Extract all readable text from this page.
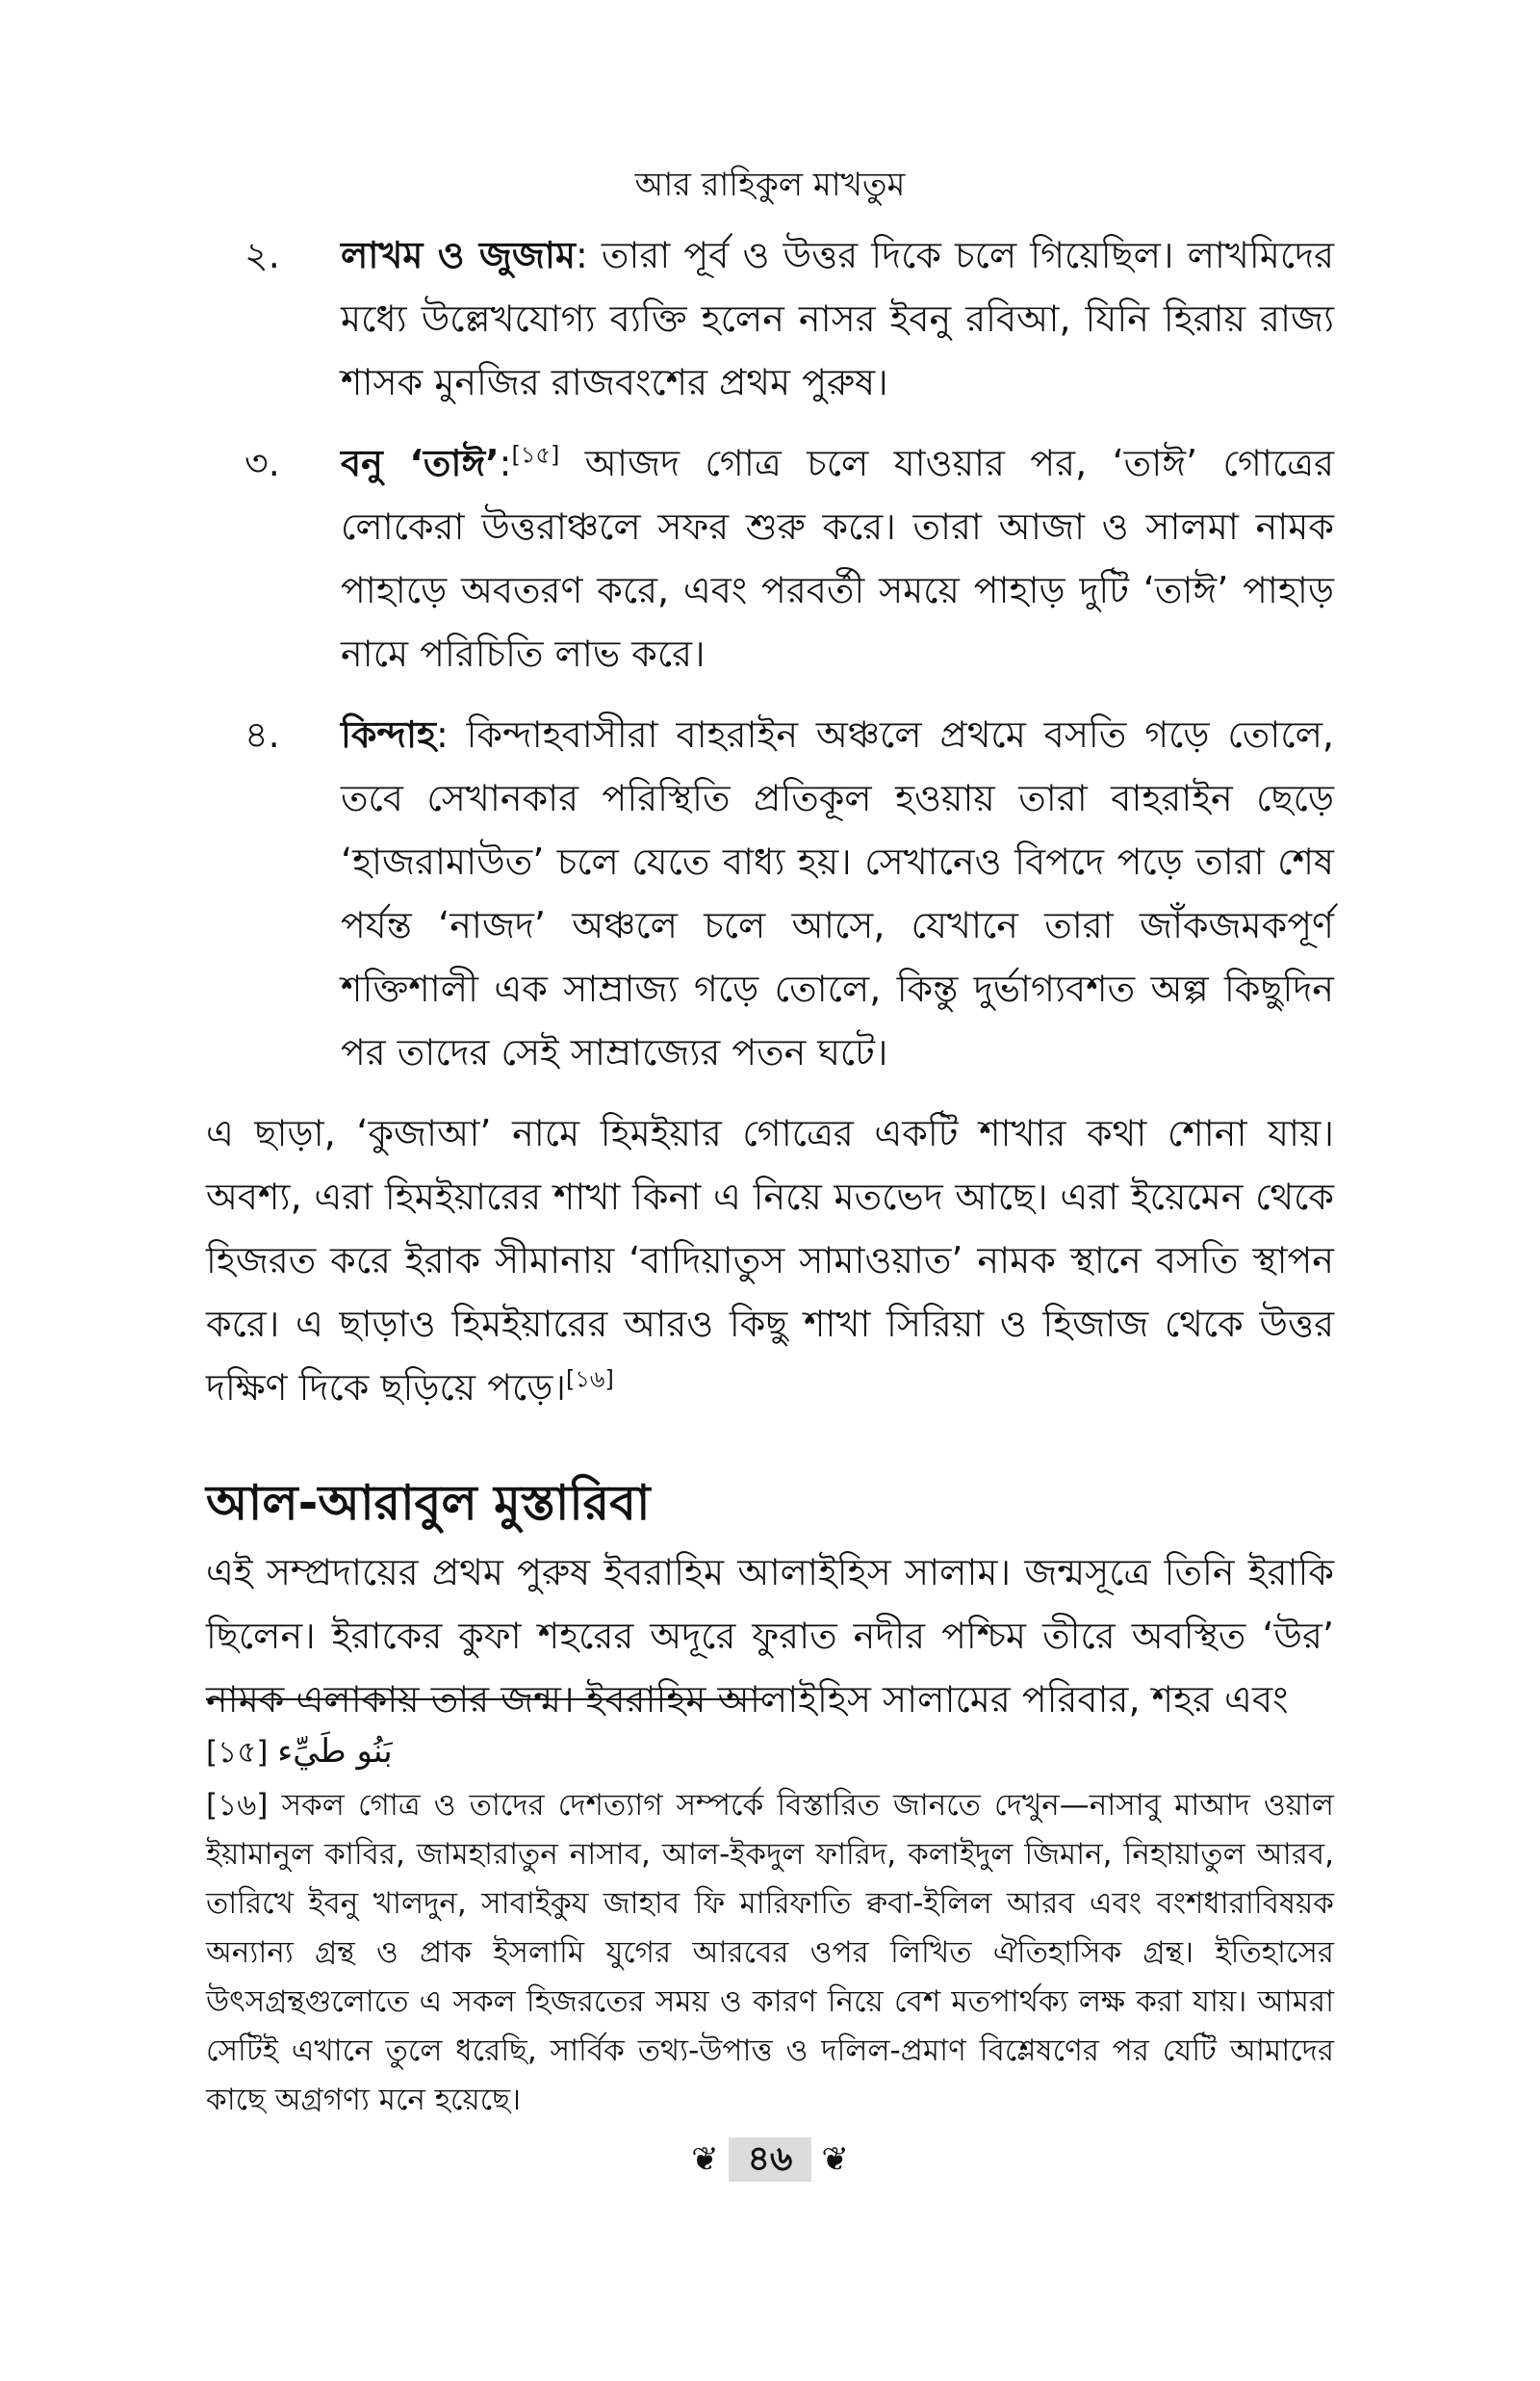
আর রাহিকুল মাখতুম
২. লাখম ও জুজাম: তারা পূর্ব ও উত্তর দিকে চলে গিয়েছিল। লাখমিদের মধ্যে উল্লেখযোগ্য ব্যক্তি হলেন নাসর ইবনু রবিআ, যিনি হিরায় রাজ্য শাসক মুনজির রাজবংশের প্রথম পুরুষ।
৩. বনু ‘তাঈ’:[১৫] আজদ গোত্র চলে যাওয়ার পর, ‘তাঈ’ গোত্রের লোকেরা উত্তরাঞ্চলে সফর শুরু করে। তারা আজা ও সালমা নামক পাহাড়ে অবতরণ করে, এবং পরবর্তী সময়ে পাহাড় দুটি ‘তাঈ’ পাহাড় নামে পরিচিতি লাভ করে।
৪. কিন্দাহ: কিন্দাহবাসীরা বাহরাইন অঞ্চলে প্রথমে বসতি গড়ে তোলে, তবে সেখানকার পরিস্থিতি প্রতিকূল হওয়ায় তারা বাহরাইন ছেড়ে ‘হাজরামাউত’ চলে যেতে বাধ্য হয়। সেখানেও বিপদে পড়ে তারা শেষ পর্যন্ত ‘নাজদ’ অঞ্চলে চলে আসে, যেখানে তারা জাঁকজমকপূর্ণ শক্তিশালী এক সাম্রাজ্য গড়ে তোলে, কিন্তু দুর্ভাগ্যবশত অল্প কিছুদিন পর তাদের সেই সাম্রাজ্যের পতন ঘটে।

এ ছাড়া, ‘কুজাআ’ নামে হিমইয়ার গোত্রের একটি শাখার কথা শোনা যায়। অবশ্য, এরা হিমইয়ারের শাখা কিনা এ নিয়ে মতভেদ আছে। এরা ইয়েমেন থেকে হিজরত করে ইরাক সীমানায় ‘বাদিয়াতুস সামাওয়াত’ নামক স্থানে বসতি স্থাপন করে। এ ছাড়াও হিমইয়ারের আরও কিছু শাখা সিরিয়া ও হিজাজ থেকে উত্তর দক্ষিণ দিকে ছড়িয়ে পড়ে।[১৬]

আল-আরাবুল মুস্তারিবা

এই সম্প্রদায়ের প্রথম পুরুষ ইবরাহিম আলাইহিস সালাম। জন্মসূত্রে তিনি ইরাকি ছিলেন। ইরাকের কুফা শহরের অদূরে ফুরাত নদীর পশ্চিম তীরে অবস্থিত ‘উর’ নামক এলাকায় তার জন্ম। ইবরাহিম আলাইহিস সালামের পরিবার, শহর এবং

[১৫] بَنُو طَيِّء

[১৬] সকল গোত্র ও তাদের দেশত্যাগ সম্পর্কে বিস্তারিত জানতে দেখুন—নাসাবু মাআদ ওয়াল ইয়ামানুল কাবির, জামহারাতুন নাসাব, আল-ইকদুল ফারিদ, কলাইদুল জিমান, নিহায়াতুল আরব, তারিখে ইবনু খালদুন, সাবাইকুয জাহাব ফি মারিফাতি ক্ববা-ইলিল আরব এবং বংশধারাবিষয়ক অন্যান্য গ্রন্থ ও প্রাক ইসলামি যুগের আরবের ওপর লিখিত ঐতিহাসিক গ্রন্থ। ইতিহাসের উৎসগ্রন্থগুলোতে এ সকল হিজরতের সময় ও কারণ নিয়ে বেশ মতপার্থক্য লক্ষ করা যায়। আমরা সেটিই এখানে তুলে ধরেছি, সার্বিক তথ্য-উপাত্ত ও দলিল-প্রমাণ বিশ্লেষণের পর যেটি আমাদের কাছে অগ্রগণ্য মনে হয়েছে।

❦ ৪৬ ❦
